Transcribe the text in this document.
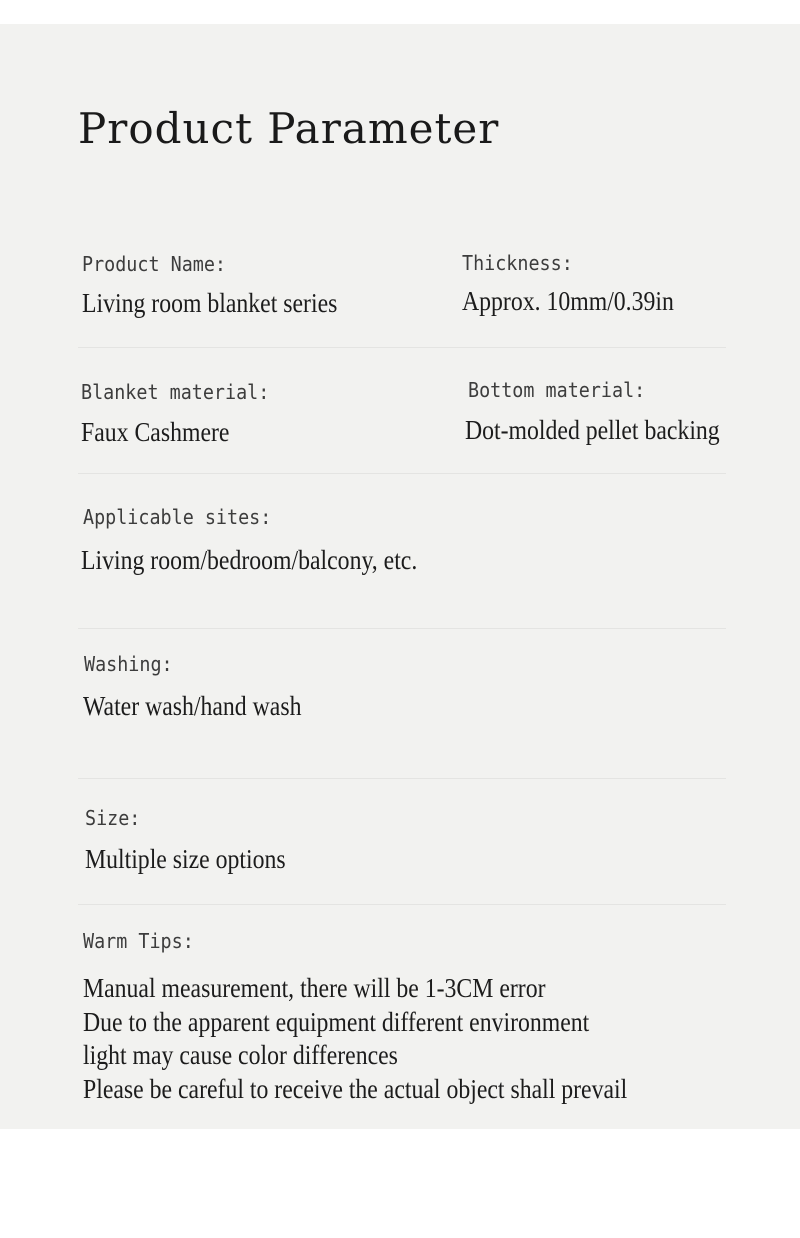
Product Parameter

Product Name:

Living room blanket series

Thickness:

Approx. 10mm/0.39in

Blanket material:

Faux Cashmere

Bottom material:

Dot-molded pellet backing

Applicable sites:

Living room/bedroom/balcony, etc.

Washing:

Water wash/hand wash

Size:

Multiple size options

Warm Tips:

Manual measurement, there will be 1-3CM error
Due to the apparent equipment different environment
light may cause color differences
Please be careful to receive the actual object shall prevail
